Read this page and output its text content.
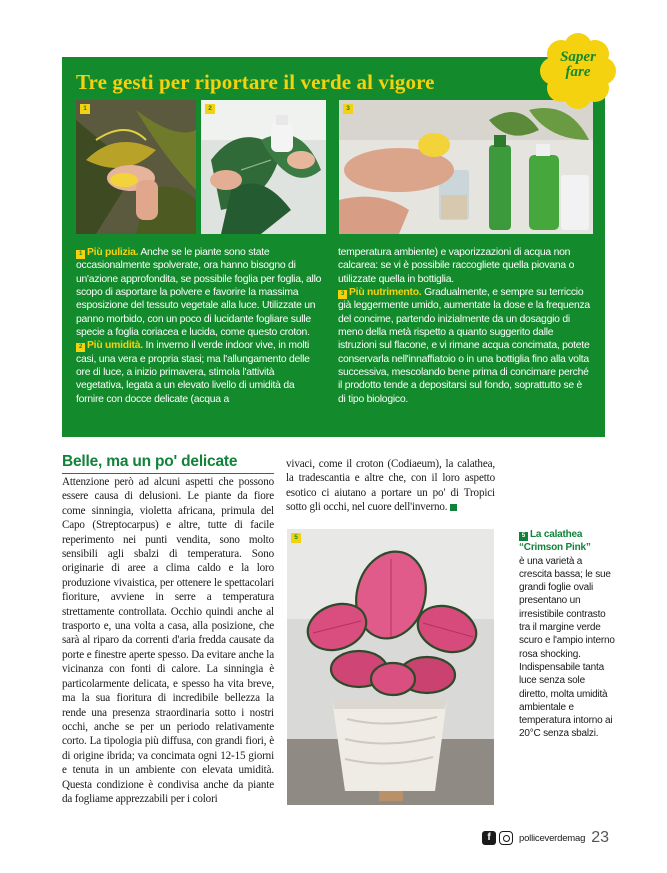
Tre gesti per riportare il verde al vigore
1	2	3

1 Più pulizia. Anche se le piante sono state occasionalmente spolverate, ora hanno bisogno di un'azione approfondita, se possibile foglia per foglia, allo scopo di asportare la polvere e favorire la massima esposizione del tessuto vegetale alla luce. Utilizzate un panno morbido, con un poco di lucidante fogliare sulle specie a foglia coriacea e lucida, come questo croton.

2 Più umidità. In inverno il verde indoor vive, in molti casi, una vera e propria stasi; ma l'allungamento delle ore di luce, a inizio primavera, stimola l'attività vegetativa, legata a un elevato livello di umidità da fornire con docce delicate (acqua a

temperatura ambiente) e vaporizzazioni di acqua non calcarea: se vi è possibile raccogliete quella piovana o utilizzate quella in bottiglia.

3 Più nutrimento. Gradualmente, e sempre su terriccio già leggermente umido, aumentate la dose e la frequenza del concime, partendo inizialmente da un dosaggio di meno della metà rispetto a quanto suggerito dalle istruzioni sul flacone, e vi rimane acqua concimata, potete conservarla nell'innaffiatoio o in una bottiglia fino alla volta successiva, mescolando bene prima di concimare perché il prodotto tende a depositarsi sul fondo, soprattutto se è di tipo biologico.

Saper
fare
Belle, ma un po' delicate

Attenzione però ad alcuni aspetti che possono essere causa di delusioni. Le piante da fiore come sinningia, violetta africana, primula del Capo (Streptocarpus) e altre, tutte di facile reperimento nei punti vendita, sono molto sensibili agli sbalzi di temperatura. Sono originarie di aree a clima caldo e la loro produzione vivaistica, per ottenere le spettacolari fioriture, avviene in serre a temperatura strettamente controllata. Occhio quindi anche al trasporto e, una volta a casa, alla posizione, che sarà al riparo da correnti d'aria fredda causate da porte e finestre aperte spesso. Da evitare anche la vicinanza con fonti di calore. La sinningia è particolarmente delicata, e spesso ha vita breve, ma la sua fioritura di incredibile bellezza la rende una presenza straordinaria sotto i nostri occhi, anche se per un periodo relativamente corto. La tipologia più diffusa, con grandi fiori, è di origine ibrida; va concimata ogni 12-15 giorni e tenuta in un ambiente con elevata umidità. Questa condizione è condivisa anche da piante da fogliame apprezzabili per i colori

vivaci, come il croton (Codiaeum), la calathea, la tradescantia e altre che, con il loro aspetto esotico ci aiutano a portare un po' di Tropici sotto gli occhi, nel cuore dell'inverno.

5	5 La calathea “Crimson Pink”
è una varietà a crescita bassa; le sue grandi foglie ovali presentano un irresistibile contrasto tra il margine verde scuro e l'ampio interno rosa shocking. Indispensabile tanta luce senza sole diretto, molta umidità ambientale e temperatura intorno ai 20°C senza sbalzi.
f	polliceverdemag 23
